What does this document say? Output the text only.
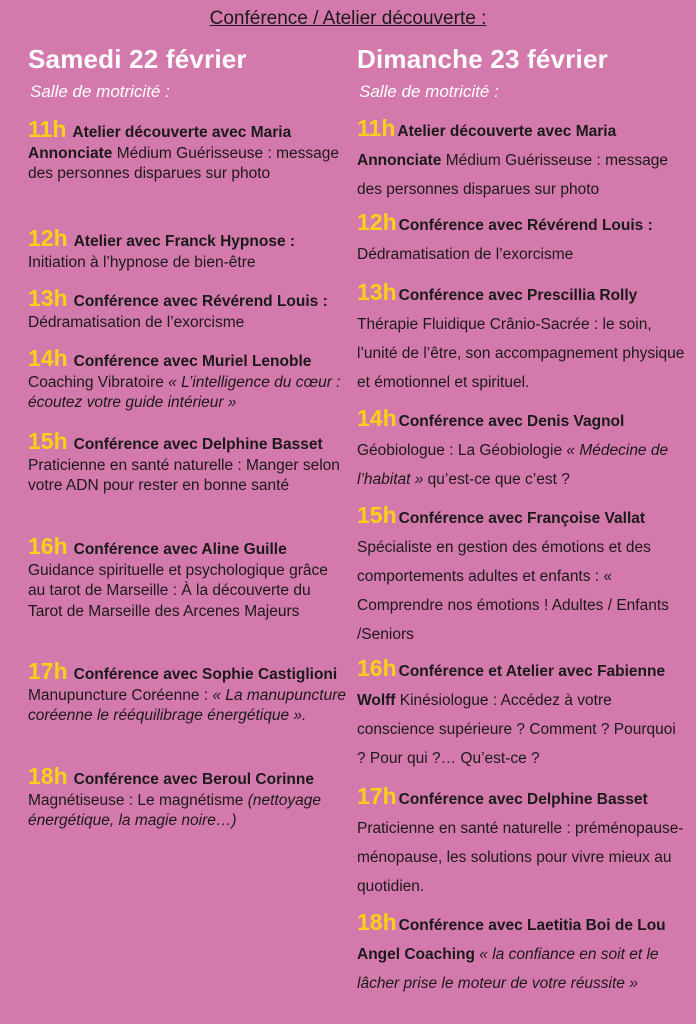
Conférence / Atelier découverte :
Samedi 22 février
Salle de motricité :
11h Atelier découverte avec Maria Annonciate Médium Guérisseuse : message des personnes disparues sur photo
12h Atelier avec Franck Hypnose :
Initiation à l’hypnose de bien-être
13h Conférence avec Révérend Louis :
Dédramatisation de l’exorcisme
14h Conférence avec Muriel Lenoble
Coaching Vibratoire « L’intelligence du cœur : écoutez votre guide intérieur »
15h Conférence avec Delphine Basset
Praticienne en santé naturelle : Manger selon votre ADN pour rester en bonne santé
16h Conférence avec Aline Guille
Guidance spirituelle et psychologique grâce au tarot de Marseille : À la découverte du Tarot de Marseille des Arcenes Majeurs
17h Conférence avec Sophie Castiglioni Manupuncture Coréenne : « La manupuncture coréenne le rééquilibrage énergétique ».
18h Conférence avec Beroul Corinne
Magnétiseuse : Le magnétisme (nettoyage énergétique, la magie noire…)
Dimanche 23 février
Salle de motricité :
11h Atelier découverte avec Maria Annonciate Médium Guérisseuse : message des personnes disparues sur photo
12h Conférence avec Révérend Louis :
Dédramatisation de l’exorcisme
13h Conférence avec Prescillia Rolly
Thérapie Fluidique Crânio-Sacrée : le soin, l’unité de l’être, son accompagnement physique et émotionnel et spirituel.
14h Conférence avec Denis Vagnol
Géobiologue : La Géobiologie « Médecine de l’habitat » qu’est-ce que c’est ?
15h Conférence avec Françoise Vallat
Spécialiste en gestion des émotions et des comportements adultes et enfants : « Comprendre nos émotions ! Adultes / Enfants /Seniors
16h Conférence et Atelier avec Fabienne Wolff Kinésiologue : Accédez à votre conscience supérieure ? Comment ? Pourquoi ? Pour qui ?… Qu’est-ce ?
17h Conférence avec Delphine Basset Praticienne en santé naturelle : préménopause-ménopause, les solutions pour vivre mieux au quotidien.
18h Conférence avec Laetitia Boi de Lou Angel Coaching « la confiance en soit et le lâcher prise le moteur de votre réussite »
